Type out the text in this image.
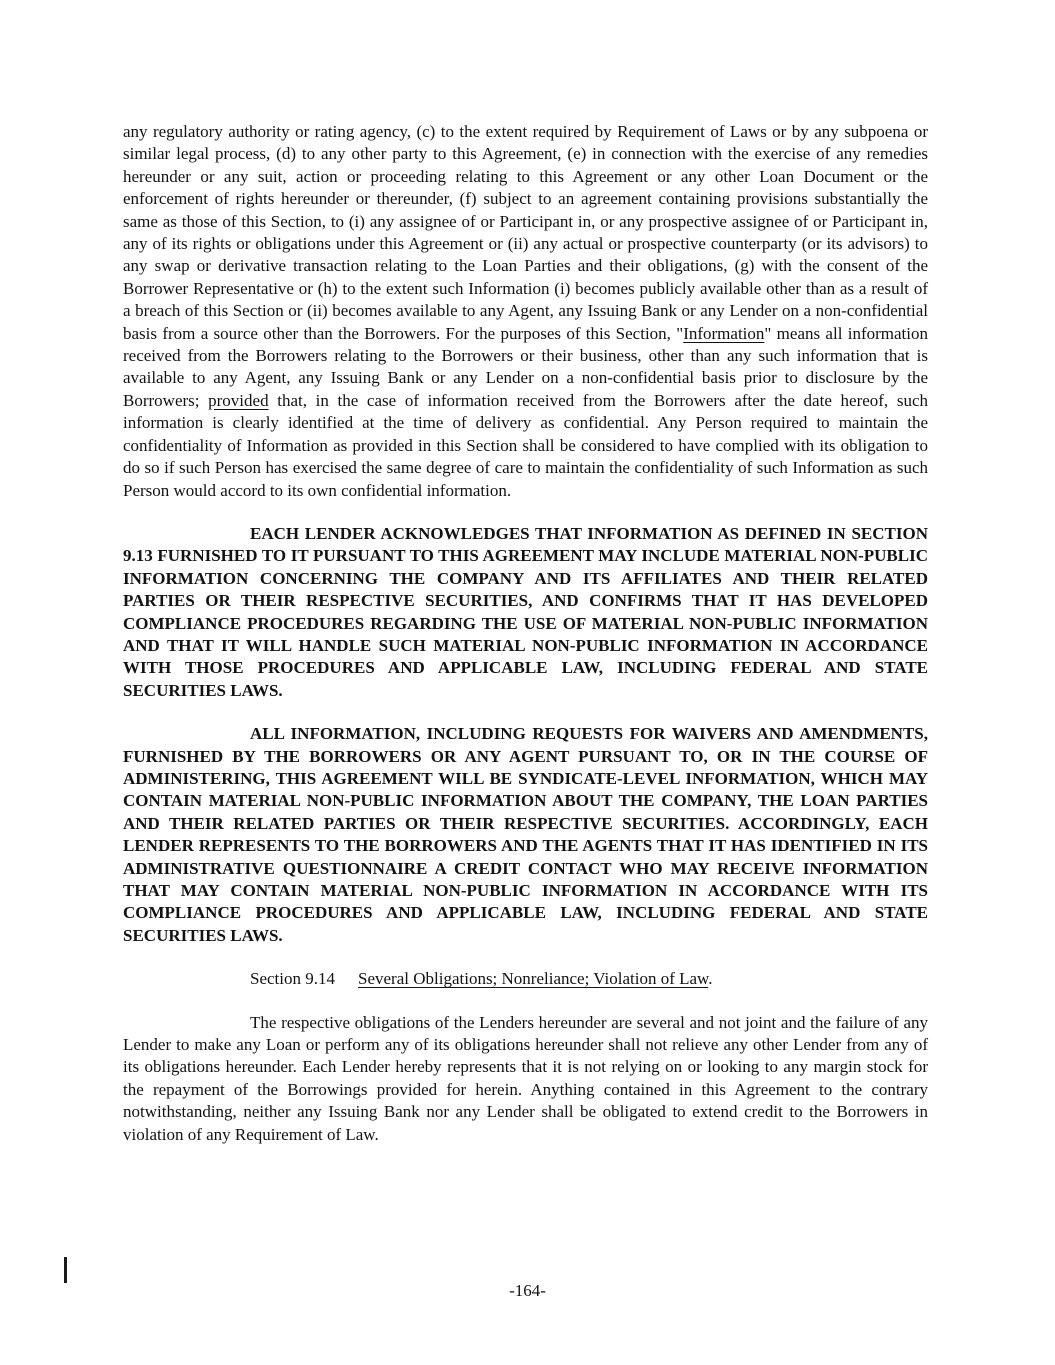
any regulatory authority or rating agency, (c) to the extent required by Requirement of Laws or by any subpoena or similar legal process, (d) to any other party to this Agreement, (e) in connection with the exercise of any remedies hereunder or any suit, action or proceeding relating to this Agreement or any other Loan Document or the enforcement of rights hereunder or thereunder, (f) subject to an agreement containing provisions substantially the same as those of this Section, to (i) any assignee of or Participant in, or any prospective assignee of or Participant in, any of its rights or obligations under this Agreement or (ii) any actual or prospective counterparty (or its advisors) to any swap or derivative transaction relating to the Loan Parties and their obligations, (g) with the consent of the Borrower Representative or (h) to the extent such Information (i) becomes publicly available other than as a result of a breach of this Section or (ii) becomes available to any Agent, any Issuing Bank or any Lender on a non-confidential basis from a source other than the Borrowers. For the purposes of this Section, "Information" means all information received from the Borrowers relating to the Borrowers or their business, other than any such information that is available to any Agent, any Issuing Bank or any Lender on a non-confidential basis prior to disclosure by the Borrowers; provided that, in the case of information received from the Borrowers after the date hereof, such information is clearly identified at the time of delivery as confidential. Any Person required to maintain the confidentiality of Information as provided in this Section shall be considered to have complied with its obligation to do so if such Person has exercised the same degree of care to maintain the confidentiality of such Information as such Person would accord to its own confidential information.

EACH LENDER ACKNOWLEDGES THAT INFORMATION AS DEFINED IN SECTION 9.13 FURNISHED TO IT PURSUANT TO THIS AGREEMENT MAY INCLUDE MATERIAL NON-PUBLIC INFORMATION CONCERNING THE COMPANY AND ITS AFFILIATES AND THEIR RELATED PARTIES OR THEIR RESPECTIVE SECURITIES, AND CONFIRMS THAT IT HAS DEVELOPED COMPLIANCE PROCEDURES REGARDING THE USE OF MATERIAL NON-PUBLIC INFORMATION AND THAT IT WILL HANDLE SUCH MATERIAL NON-PUBLIC INFORMATION IN ACCORDANCE WITH THOSE PROCEDURES AND APPLICABLE LAW, INCLUDING FEDERAL AND STATE SECURITIES LAWS.

ALL INFORMATION, INCLUDING REQUESTS FOR WAIVERS AND AMENDMENTS, FURNISHED BY THE BORROWERS OR ANY AGENT PURSUANT TO, OR IN THE COURSE OF ADMINISTERING, THIS AGREEMENT WILL BE SYNDICATE-LEVEL INFORMATION, WHICH MAY CONTAIN MATERIAL NON-PUBLIC INFORMATION ABOUT THE COMPANY, THE LOAN PARTIES AND THEIR RELATED PARTIES OR THEIR RESPECTIVE SECURITIES. ACCORDINGLY, EACH LENDER REPRESENTS TO THE BORROWERS AND THE AGENTS THAT IT HAS IDENTIFIED IN ITS ADMINISTRATIVE QUESTIONNAIRE A CREDIT CONTACT WHO MAY RECEIVE INFORMATION THAT MAY CONTAIN MATERIAL NON-PUBLIC INFORMATION IN ACCORDANCE WITH ITS COMPLIANCE PROCEDURES AND APPLICABLE LAW, INCLUDING FEDERAL AND STATE SECURITIES LAWS.

Section 9.14 Several Obligations; Nonreliance; Violation of Law.

The respective obligations of the Lenders hereunder are several and not joint and the failure of any Lender to make any Loan or perform any of its obligations hereunder shall not relieve any other Lender from any of its obligations hereunder. Each Lender hereby represents that it is not relying on or looking to any margin stock for the repayment of the Borrowings provided for herein. Anything contained in this Agreement to the contrary notwithstanding, neither any Issuing Bank nor any Lender shall be obligated to extend credit to the Borrowers in violation of any Requirement of Law.

-164-
